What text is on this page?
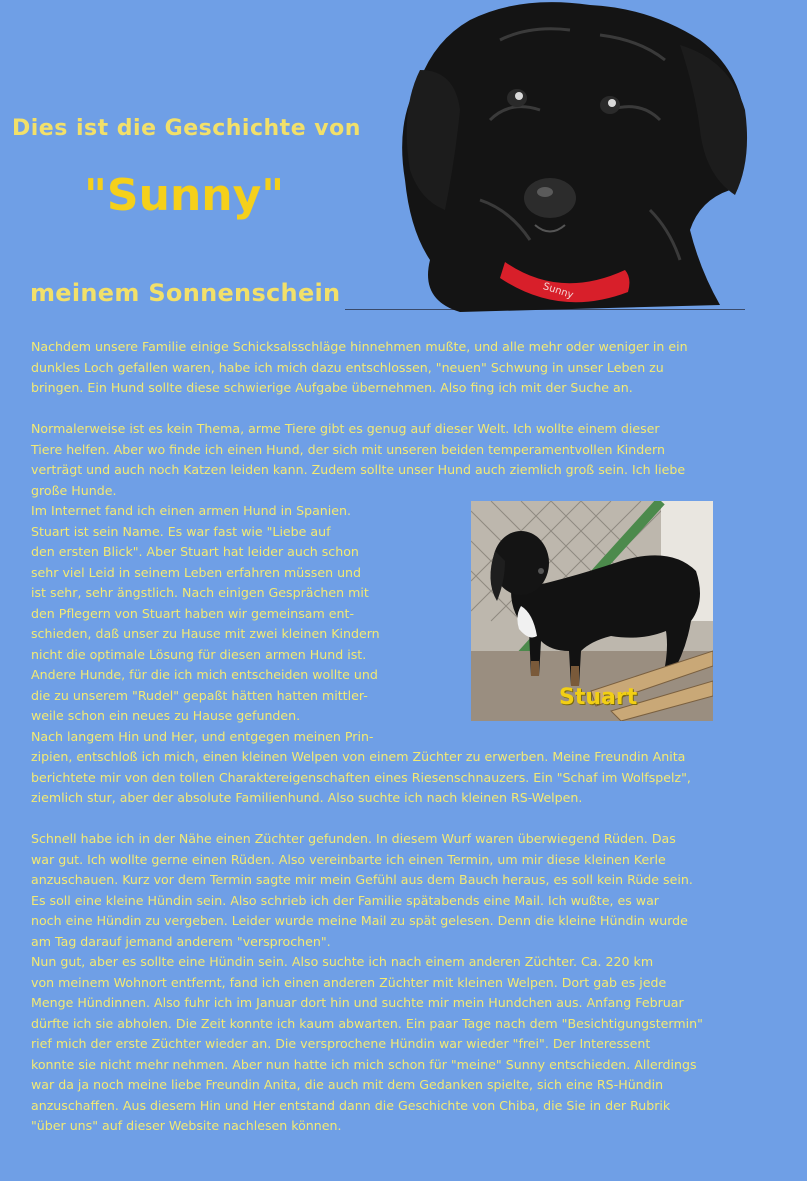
Dies ist die Geschichte von
"Sunny"
meinem Sonnenschein	Sunny

Nachdem unsere Familie einige Schicksalsschläge hinnehmen mußte, und alle mehr oder weniger in ein

dunkles Loch gefallen waren, habe ich mich dazu entschlossen, "neuen" Schwung in unser Leben zu

bringen. Ein Hund sollte diese schwierige Aufgabe übernehmen. Also fing ich mit der Suche an.

Normalerweise ist es kein Thema, arme Tiere gibt es genug auf dieser Welt. Ich wollte einem dieser

Tiere helfen. Aber wo finde ich einen Hund, der sich mit unseren beiden temperamentvollen Kindern

verträgt und auch noch Katzen leiden kann. Zudem sollte unser Hund auch ziemlich groß sein. Ich liebe

große Hunde.

Im Internet fand ich einen armen Hund in Spanien.

Stuart ist sein Name. Es war fast wie "Liebe auf

den ersten Blick". Aber Stuart hat leider auch schon

sehr viel Leid in seinem Leben erfahren müssen und

ist sehr, sehr ängstlich. Nach einigen Gesprächen mit

den Pflegern von Stuart haben wir gemeinsam ent-

schieden, daß unser zu Hause mit zwei kleinen Kindern

nicht die optimale Lösung für diesen armen Hund ist.

Andere Hunde, für die ich mich entscheiden wollte und

die zu unserem "Rudel" gepaßt hätten hatten mittler-

weile schon ein neues zu Hause gefunden.

Nach langem Hin und Her, und entgegen meinen Prin-

zipien, entschloß ich mich, einen kleinen Welpen von einem Züchter zu erwerben. Meine Freundin Anita

berichtete mir von den tollen Charaktereigenschaften eines Riesenschnauzers. Ein "Schaf im Wolfspelz",

ziemlich stur, aber der absolute Familienhund. Also suchte ich nach kleinen RS-Welpen.

Schnell habe ich in der Nähe einen Züchter gefunden. In diesem Wurf waren überwiegend Rüden. Das

war gut. Ich wollte gerne einen Rüden. Also vereinbarte ich einen Termin, um mir diese kleinen Kerle

anzuschauen. Kurz vor dem Termin sagte mir mein Gefühl aus dem Bauch heraus, es soll kein Rüde sein.

Es soll eine kleine Hündin sein. Also schrieb ich der Familie spätabends eine Mail. Ich wußte, es war

noch eine Hündin zu vergeben. Leider wurde meine Mail zu spät gelesen. Denn die kleine Hündin wurde

am Tag darauf jemand anderem "versprochen".

Nun gut, aber es sollte eine Hündin sein. Also suchte ich nach einem anderen Züchter. Ca. 220 km

von meinem Wohnort entfernt, fand ich einen anderen Züchter mit kleinen Welpen. Dort gab es jede

Menge Hündinnen. Also fuhr ich im Januar dort hin und suchte mir mein Hundchen aus. Anfang Februar

dürfte ich sie abholen. Die Zeit konnte ich kaum abwarten. Ein paar Tage nach dem "Besichtigungstermin"

rief mich der erste Züchter wieder an. Die versprochene Hündin war wieder "frei". Der Interessent

konnte sie nicht mehr nehmen. Aber nun hatte ich mich schon für "meine" Sunny entschieden. Allerdings

war da ja noch meine liebe Freundin Anita, die auch mit dem Gedanken spielte, sich eine RS-Hündin

anzuschaffen. Aus diesem Hin und Her entstand dann die Geschichte von Chiba, die Sie in der Rubrik

"über uns" auf dieser Website nachlesen können.

Stuart
